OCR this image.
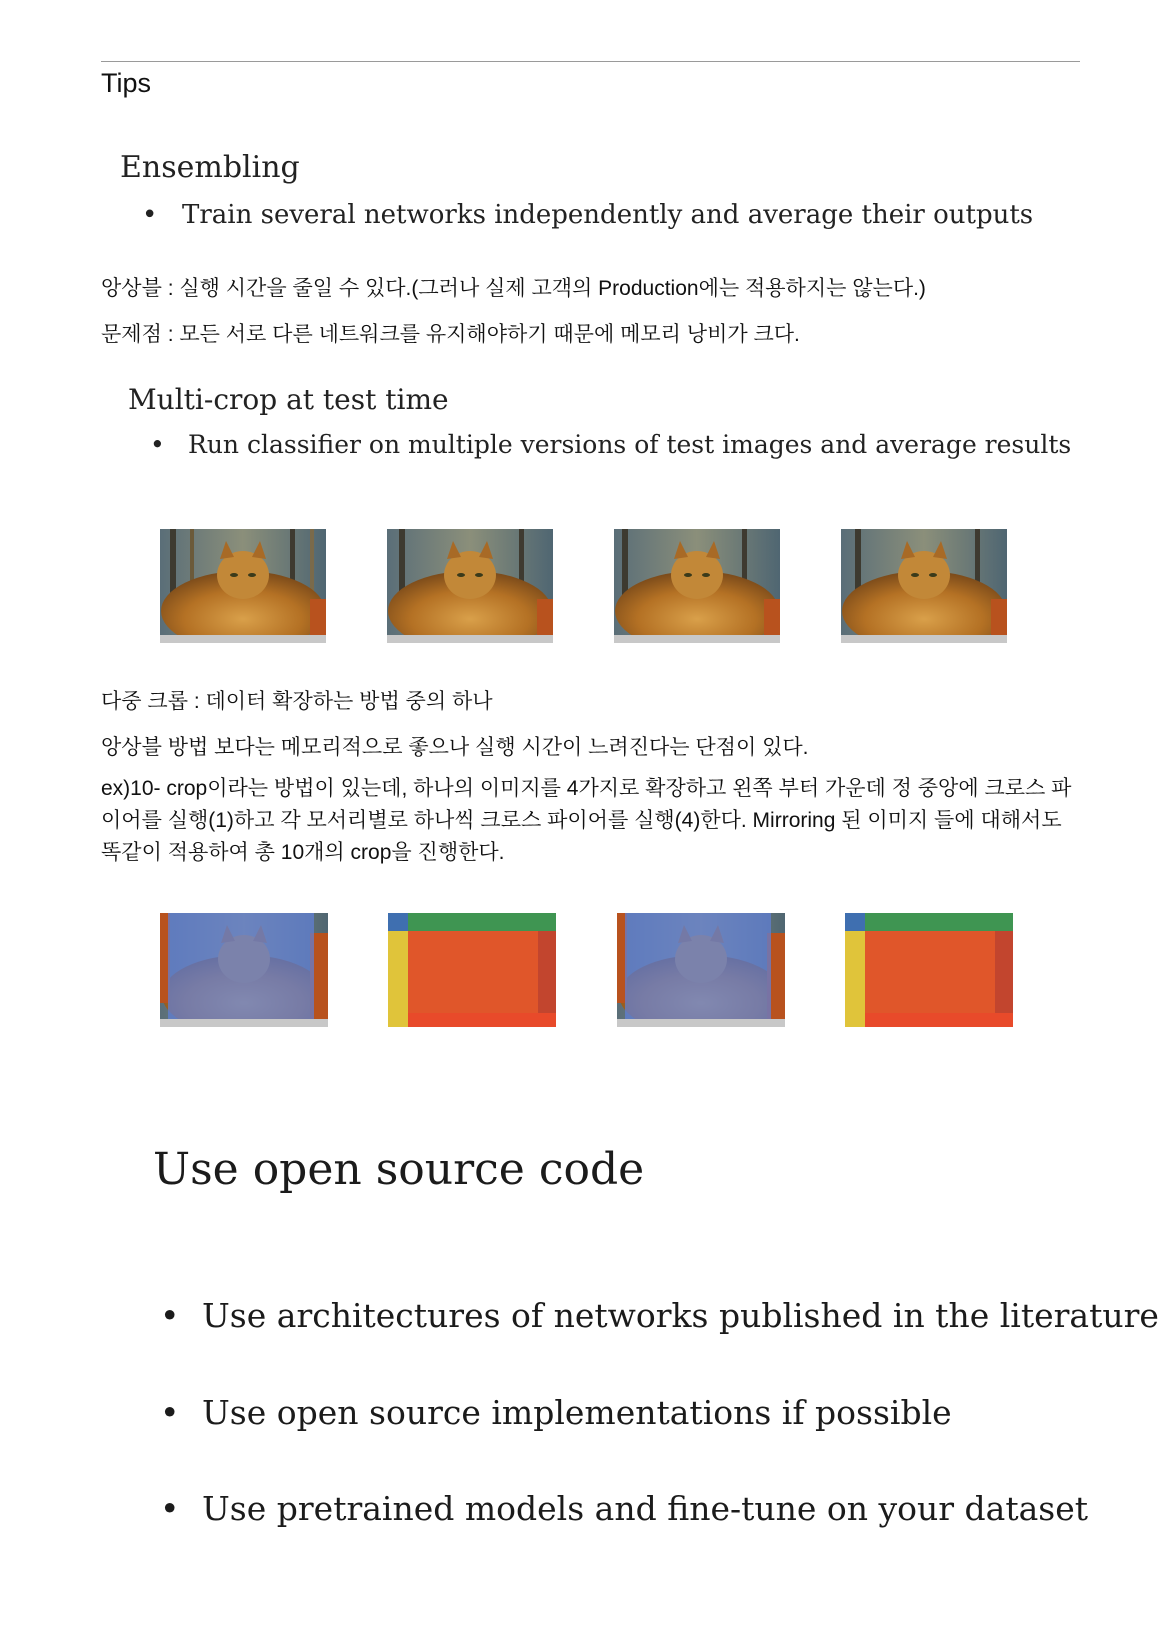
Tips
Ensembling
• Train several networks independently and average their outputs
앙상블 : 실행 시간을 줄일 수 있다.(그러나 실제 고객의 Production에는 적용하지는 않는다.)
문제점 : 모든 서로 다른 네트워크를 유지해야하기 때문에 메모리 낭비가 크다.
Multi-crop at test time
• Run classifier on multiple versions of test images and average results
다중 크롭 : 데이터 확장하는 방법 중의 하나
앙상블 방법 보다는 메모리적으로 좋으나 실행 시간이 느려진다는 단점이 있다.
ex)10- crop이라는 방법이 있는데, 하나의 이미지를 4가지로 확장하고 왼쪽 부터 가운데 정 중앙에 크로스 파이어를 실행(1)하고 각 모서리별로 하나씩 크로스 파이어를 실행(4)한다. Mirroring 된 이미지 들에 대해서도 똑같이 적용하여 총 10개의 crop을 진행한다.
Use open source code
• Use architectures of networks published in the literature
• Use open source implementations if possible
• Use pretrained models and fine-tune on your dataset
